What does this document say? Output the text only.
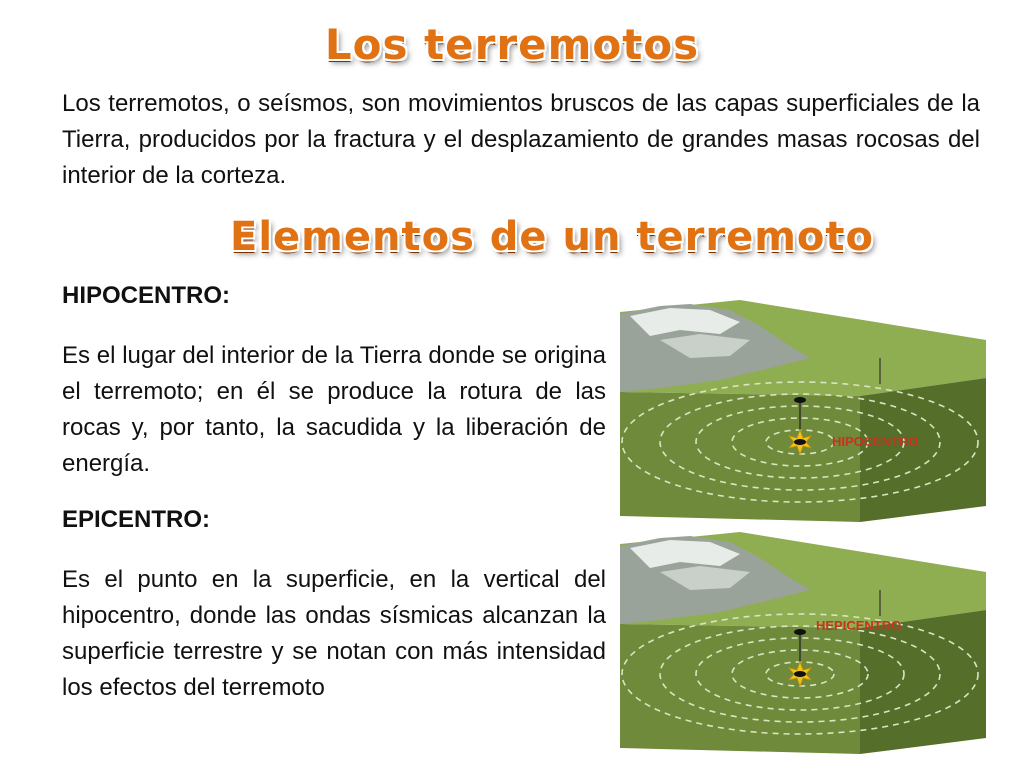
Los terremotos

Los terremotos, o seísmos, son movimientos bruscos de las capas superficiales de la Tierra, producidos por la fractura y el desplazamiento de grandes masas rocosas del interior de la corteza.

Elementos de un terremoto

HIPOCENTRO:

Es el lugar del interior de la Tierra donde se origina el terremoto; en él se produce la rotura de las rocas y, por tanto, la sacudida y la liberación de energía.

EPICENTRO:

Es el punto en la superficie, en la vertical del hipocentro, donde las ondas sísmicas alcanzan la superficie terrestre y se notan con más intensidad los efectos del terremoto

HIPOCENTRO
HEPICENTRO
